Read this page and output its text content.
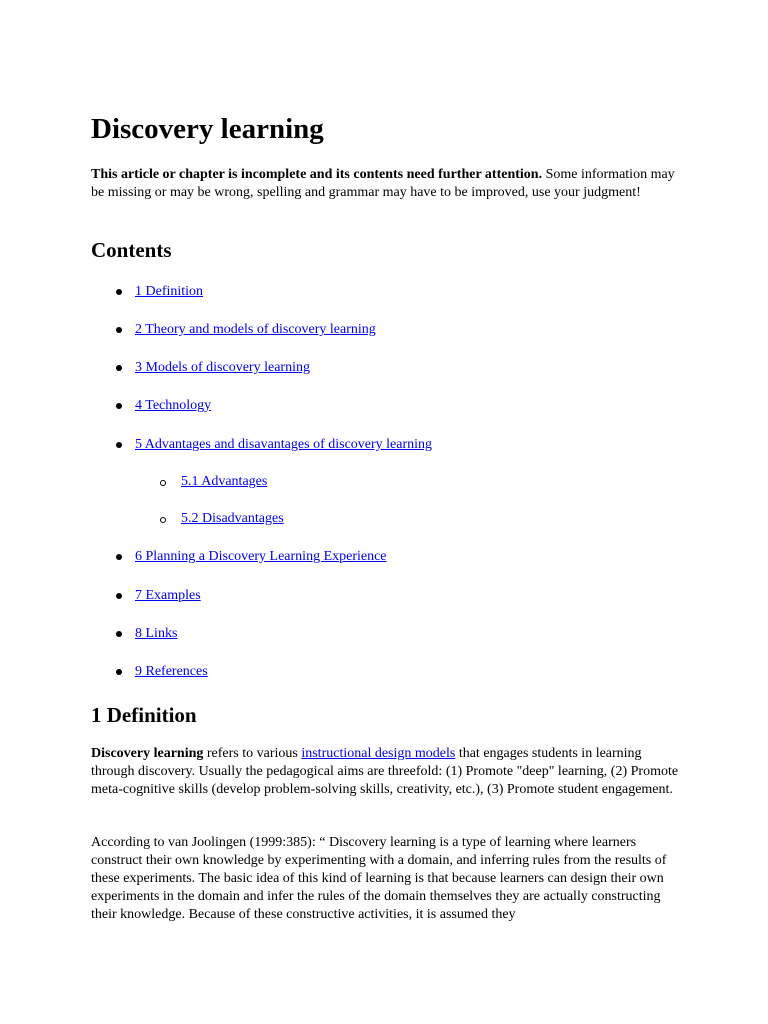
Discovery learning

This article or chapter is incomplete and its contents need further attention. Some information may be missing or may be wrong, spelling and grammar may have to be improved, use your judgment!

Contents
1 Definition
2 Theory and models of discovery learning
3 Models of discovery learning
4 Technology
5 Advantages and disavantages of discovery learning
5.1 Advantages
5.2 Disadvantages
6 Planning a Discovery Learning Experience
7 Examples
8 Links
9 References
1 Definition

Discovery learning refers to various instructional design models that engages students in learning through discovery. Usually the pedagogical aims are threefold: (1) Promote "deep" learning, (2) Promote meta-cognitive skills (develop problem-solving skills, creativity, etc.), (3) Promote student engagement.

According to van Joolingen (1999:385): “ Discovery learning is a type of learning where learners construct their own knowledge by experimenting with a domain, and inferring rules from the results of these experiments. The basic idea of this kind of learning is that because learners can design their own experiments in the domain and infer the rules of the domain themselves they are actually constructing their knowledge. Because of these constructive activities, it is assumed they
